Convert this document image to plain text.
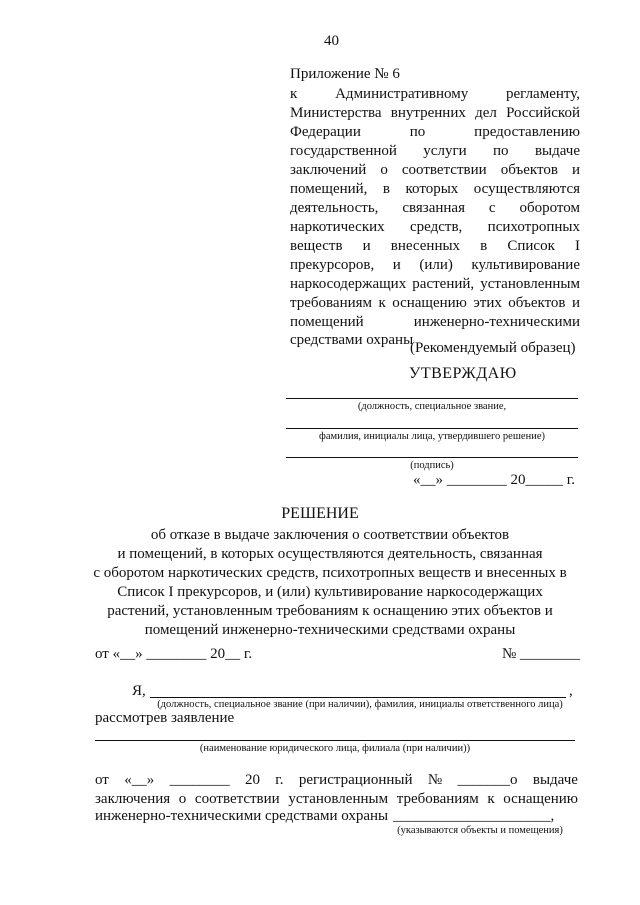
40
Приложение № 6
к Административному регламенту,
Министерства внутренних дел Российской
Федерации по предоставлению
государственной услуги по выдаче
заключений о соответствии объектов и
помещений, в которых осуществляются
деятельность, связанная с оборотом
наркотических средств, психотропных
веществ и внесенных в Список I
прекурсоров, и (или) культивирование
наркосодержащих растений, установленным
требованиям к оснащению этих объектов и
помещений инженерно-техническими
средствами охраны
(Рекомендуемый образец)
УТВЕРЖДАЮ
(должность, специальное звание,
фамилия, инициалы лица, утвердившего решение)
(подпись)
«__» ________ 20_____ г.
РЕШЕНИЕ
об отказе в выдаче заключения о соответствии объектов
и помещений, в которых осуществляются деятельность, связанная
с оборотом наркотических средств, психотропных веществ и внесенных в
Список I прекурсоров, и (или) культивирование наркосодержащих
растений, установленным требованиям к оснащению этих объектов и
помещений инженерно-техническими средствами охраны
от «__» ________ 20__ г.	№ ________
Я,	,
(должность, специальное звание (при наличии), фамилия, инициалы ответственного лица)
рассмотрев заявление
(наименование юридического лица, филиала (при наличии))
от «__» ________ 20 г. регистрационный № _______о выдаче
заключения о соответствии установленным требованиям к оснащению
инженерно-техническими средствами охраны _____________________,
(указываются объекты и помещения)
